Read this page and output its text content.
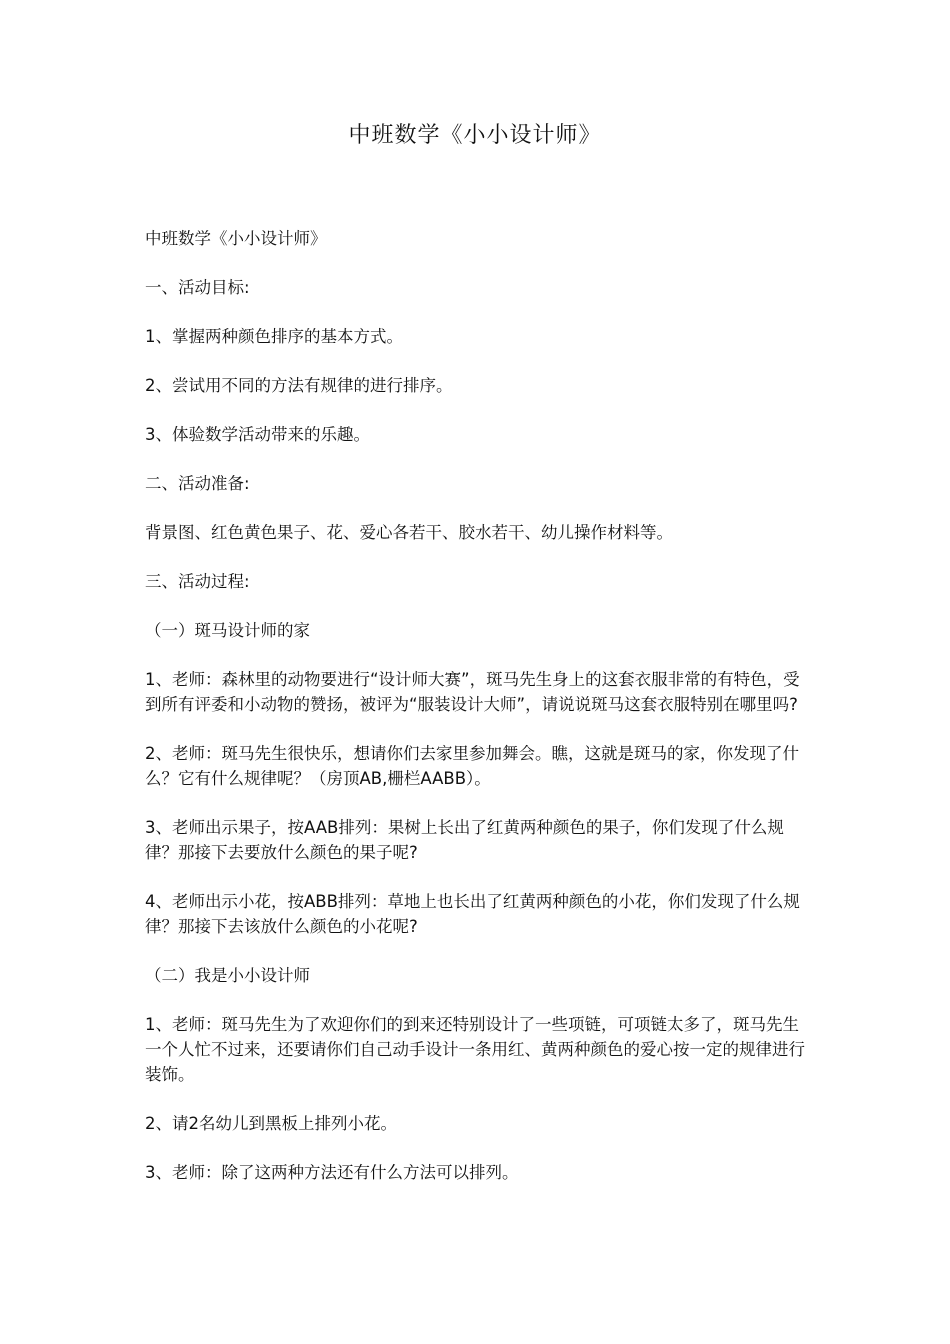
中班数学《小小设计师》

中班数学《小小设计师》

一、活动目标:

1、掌握两种颜色排序的基本方式。

2、尝试用不同的方法有规律的进行排序。

3、体验数学活动带来的乐趣。

二、活动准备:

背景图、红色黄色果子、花、爱心各若干、胶水若干、幼儿操作材料等。

三、活动过程:

（一）斑马设计师的家

1、老师：森林里的动物要进行“设计师大赛”，斑马先生身上的这套衣服非常的有特色，受到所有评委和小动物的赞扬，被评为“服装设计大师”，请说说斑马这套衣服特别在哪里吗?

2、老师：斑马先生很快乐，想请你们去家里参加舞会。瞧，这就是斑马的家，你发现了什么？它有什么规律呢？（房顶AB,栅栏AABB）。

3、老师出示果子，按AAB排列：果树上长出了红黄两种颜色的果子，你们发现了什么规律？那接下去要放什么颜色的果子呢?

4、老师出示小花，按ABB排列：草地上也长出了红黄两种颜色的小花，你们发现了什么规律？那接下去该放什么颜色的小花呢?

（二）我是小小设计师

1、老师：斑马先生为了欢迎你们的到来还特别设计了一些项链，可项链太多了，斑马先生一个人忙不过来，还要请你们自己动手设计一条用红、黄两种颜色的爱心按一定的规律进行装饰。

2、请2名幼儿到黑板上排列小花。

3、老师：除了这两种方法还有什么方法可以排列。
